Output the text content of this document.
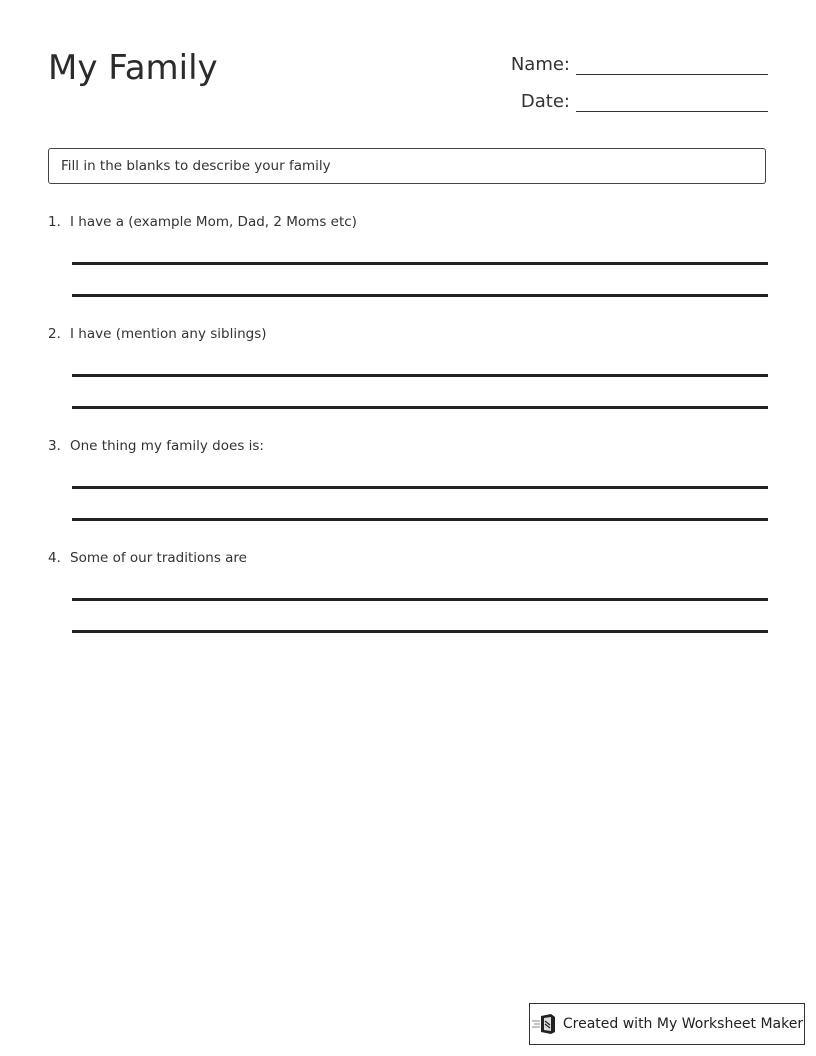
My Family	Name:
Date:
Fill in the blanks to describe your family
1. I have a (example Mom, Dad, 2 Moms etc)
2. I have (mention any siblings)
3. One thing my family does is:
4. Some of our traditions are
Created with My Worksheet Maker
